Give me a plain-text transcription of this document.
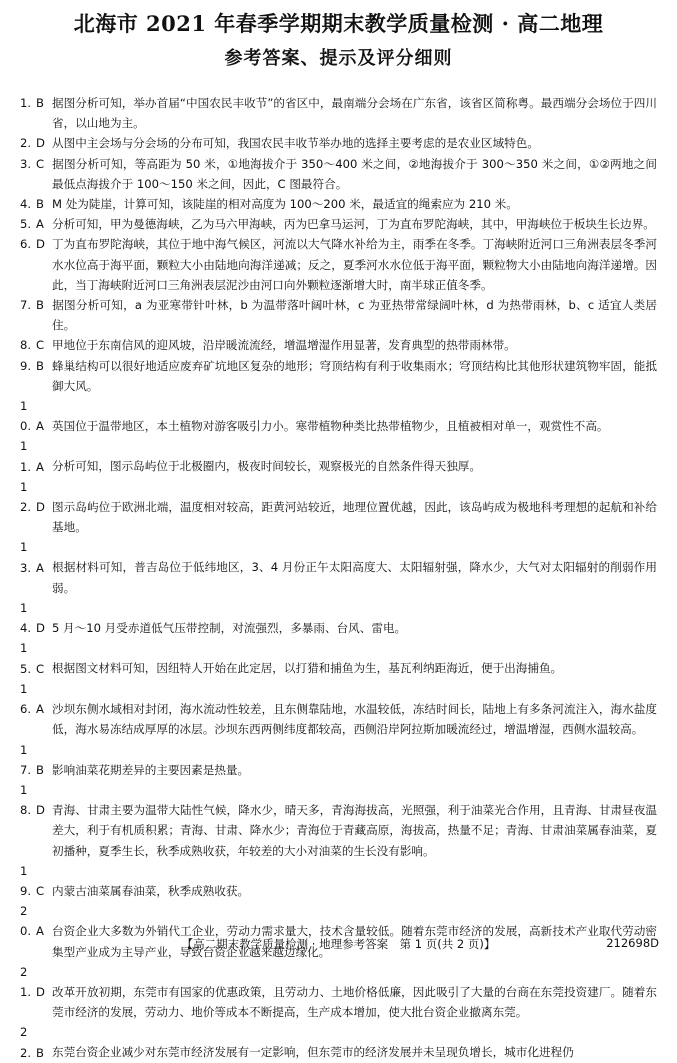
北海市 2021 年春季学期期末教学质量检测 · 高二地理
参考答案、提示及评分细则

1. B 据图分析可知，举办首届“中国农民丰收节”的省区中，最南端分会场在广东省，该省区简称粤。最西端分会场位于四川省，以山地为主。

2. D 从图中主会场与分会场的分布可知，我国农民丰收节举办地的选择主要考虑的是农业区域特色。

3. C 据图分析可知，等高距为 50 米，①地海拔介于 350～400 米之间，②地海拔介于 300～350 米之间，①②两地之间最低点海拔介于 100～150 米之间，因此，C 图最符合。

4. B M 处为陡崖，计算可知，该陡崖的相对高度为 100～200 米，最适宜的绳索应为 210 米。

5. A 分析可知，甲为曼德海峡，乙为马六甲海峡，丙为巴拿马运河，丁为直布罗陀海峡，其中，甲海峡位于板块生长边界。

6. D 丁为直布罗陀海峡，其位于地中海气候区，河流以大气降水补给为主，雨季在冬季。丁海峡附近河口三角洲表层冬季河水水位高于海平面，颗粒大小由陆地向海洋递减；反之，夏季河水水位低于海平面，颗粒物大小由陆地向海洋递增。因此，当丁海峡附近河口三角洲表层泥沙由河口向外颗粒逐渐增大时，南半球正值冬季。

7. B 据图分析可知，a 为亚寒带针叶林，b 为温带落叶阔叶林，c 为亚热带常绿阔叶林，d 为热带雨林，b、c 适宜人类居住。

8. C 甲地位于东南信风的迎风坡，沿岸暖流流经，增温增湿作用显著，发育典型的热带雨林带。

9. B 蜂巢结构可以很好地适应废弃矿坑地区复杂的地形；穹顶结构有利于收集雨水；穹顶结构比其他形状建筑物牢固，能抵御大风。

10. A 英国位于温带地区，本土植物对游客吸引力小。寒带植物种类比热带植物少，且植被相对单一，观赏性不高。

11. A 分析可知，图示岛屿位于北极圈内，极夜时间较长，观察极光的自然条件得天独厚。

12. D 图示岛屿位于欧洲北端，温度相对较高，距黄河站较近，地理位置优越，因此，该岛屿成为极地科考理想的起航和补给基地。

13. A 根据材料可知，普吉岛位于低纬地区，3、4 月份正午太阳高度大、太阳辐射强，降水少，大气对太阳辐射的削弱作用弱。

14. D 5 月～10 月受赤道低气压带控制，对流强烈，多暴雨、台风、雷电。

15. C 根据图文材料可知，因纽特人开始在此定居，以打猎和捕鱼为生，基瓦利纳距海近，便于出海捕鱼。

16. A 沙坝东侧水域相对封闭，海水流动性较差，且东侧靠陆地，水温较低，冻结时间长，陆地上有多条河流注入，海水盐度低，海水易冻结成厚厚的冰层。沙坝东西两侧纬度都较高，西侧沿岸阿拉斯加暖流经过，增温增湿，西侧水温较高。

17. B 影响油菜花期差异的主要因素是热量。

18. D 青海、甘肃主要为温带大陆性气候，降水少，晴天多，青海海拔高，光照强，利于油菜光合作用，且青海、甘肃昼夜温差大，利于有机质积累；青海、甘肃、降水少；青海位于青藏高原，海拔高，热量不足；青海、甘肃油菜属春油菜，夏初播种，夏季生长，秋季成熟收获，年较差的大小对油菜的生长没有影响。

19. C 内蒙古油菜属春油菜，秋季成熟收获。

20. A 台资企业大多数为外销代工企业，劳动力需求量大，技术含量较低。随着东莞市经济的发展，高新技术产业取代劳动密集型产业成为主导产业，导致台资企业越来越边缘化。

21. D 改革开放初期，东莞市有国家的优惠政策，且劳动力、土地价格低廉，因此吸引了大量的台商在东莞投资建厂。随着东莞市经济的发展，劳动力、地价等成本不断提高，生产成本增加，使大批台资企业撤离东莞。

22. B 东莞台资企业减少对东莞市经济发展有一定影响，但东莞市的经济发展并未呈现负增长，城市化进程仍

【高二期末教学质量检测 · 地理参考答案　第 1 页(共 2 页)】	212698D
